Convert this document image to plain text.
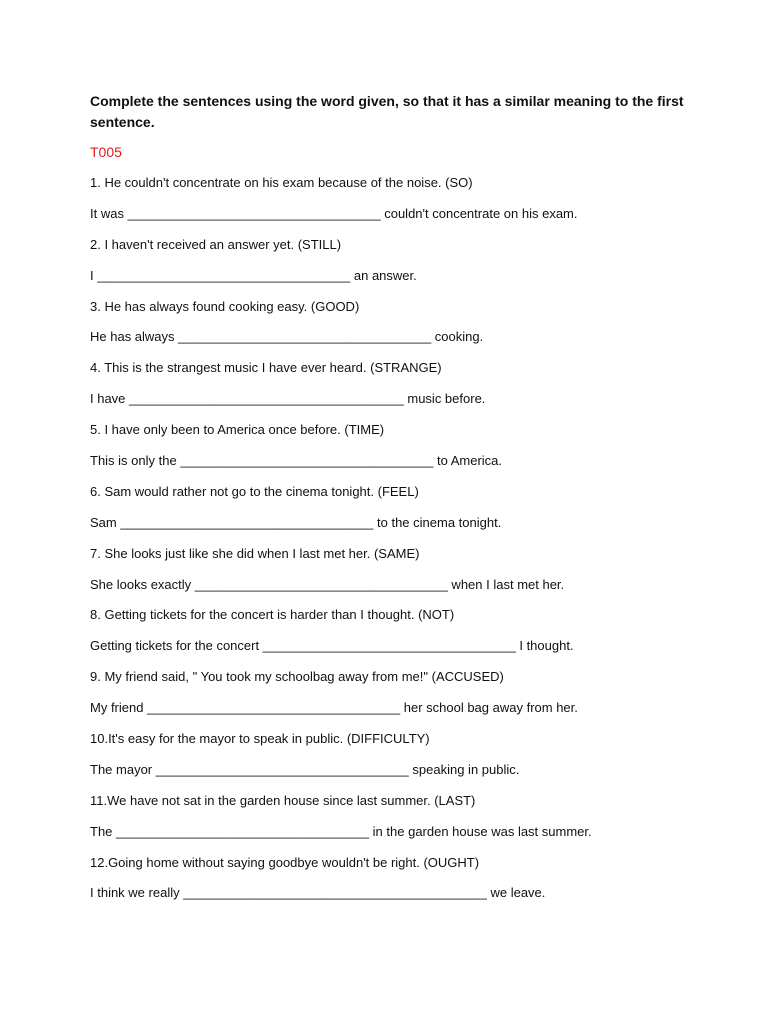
Complete the sentences using the word given, so that it has a similar meaning to the first sentence.

T005
1. He couldn't concentrate on his exam because of the noise. (SO)
It was ___________________________________ couldn't concentrate on his exam.
2. I haven't received an answer yet. (STILL)
I ___________________________________ an answer.
3. He has always found cooking easy. (GOOD)
He has always ___________________________________ cooking.
4. This is the strangest music I have ever heard. (STRANGE)
I have ______________________________________ music before.
5. I have only been to America once before. (TIME)
This is only the ___________________________________ to America.
6. Sam would rather not go to the cinema tonight. (FEEL)
Sam ___________________________________ to the cinema tonight.
7. She looks just like she did when I last met her. (SAME)
She looks exactly ___________________________________ when I last met her.
8. Getting tickets for the concert is harder than I thought. (NOT)
Getting tickets for the concert ___________________________________ I thought.
9. My friend said, " You took my schoolbag away from me!" (ACCUSED)
My friend ___________________________________ her school bag away from her.
10.It's easy for the mayor to speak in public. (DIFFICULTY)
The mayor ___________________________________ speaking in public.
11.We have not sat in the garden house since last summer. (LAST)
The ___________________________________ in the garden house was last summer.
12.Going home without saying goodbye wouldn't be right. (OUGHT)
I think we really __________________________________________ we leave.
